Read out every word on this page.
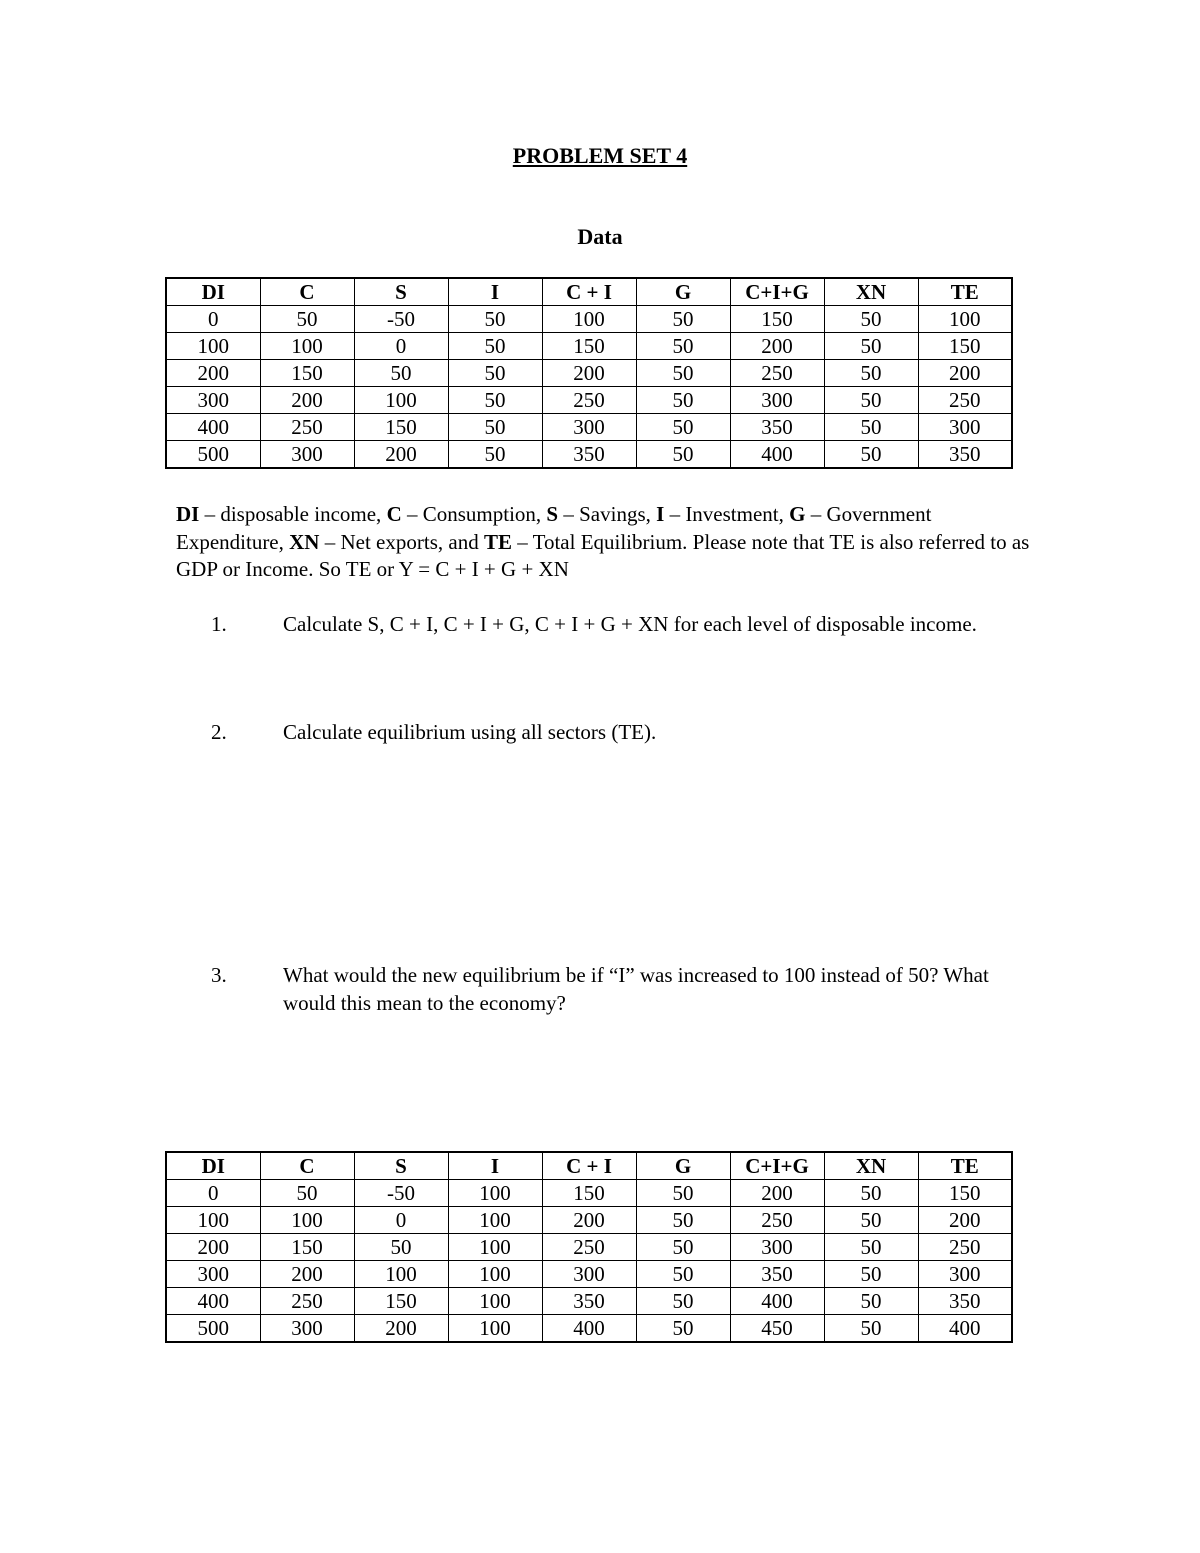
PROBLEM SET 4
Data
DI	C	S	I	C + I	G	C+I+G	XN	TE
0	50	-50	50	100	50	150	50	100
100	100	0	50	150	50	200	50	150
200	150	50	50	200	50	250	50	200
300	200	100	50	250	50	300	50	250
400	250	150	50	300	50	350	50	300
500	300	200	50	350	50	400	50	350
DI – disposable income, C – Consumption, S – Savings, I – Investment, G – Government Expenditure, XN – Net exports, and TE – Total Equilibrium. Please note that TE is also referred to as GDP or Income. So TE or Y = C + I + G + XN
1.	Calculate S, C + I, C + I + G, C + I + G + XN for each level of disposable income.
2.	Calculate equilibrium using all sectors (TE).
3.	What would the new equilibrium be if “I” was increased to 100 instead of 50? What would this mean to the economy?
DI	C	S	I	C + I	G	C+I+G	XN	TE
0	50	-50	100	150	50	200	50	150
100	100	0	100	200	50	250	50	200
200	150	50	100	250	50	300	50	250
300	200	100	100	300	50	350	50	300
400	250	150	100	350	50	400	50	350
500	300	200	100	400	50	450	50	400
